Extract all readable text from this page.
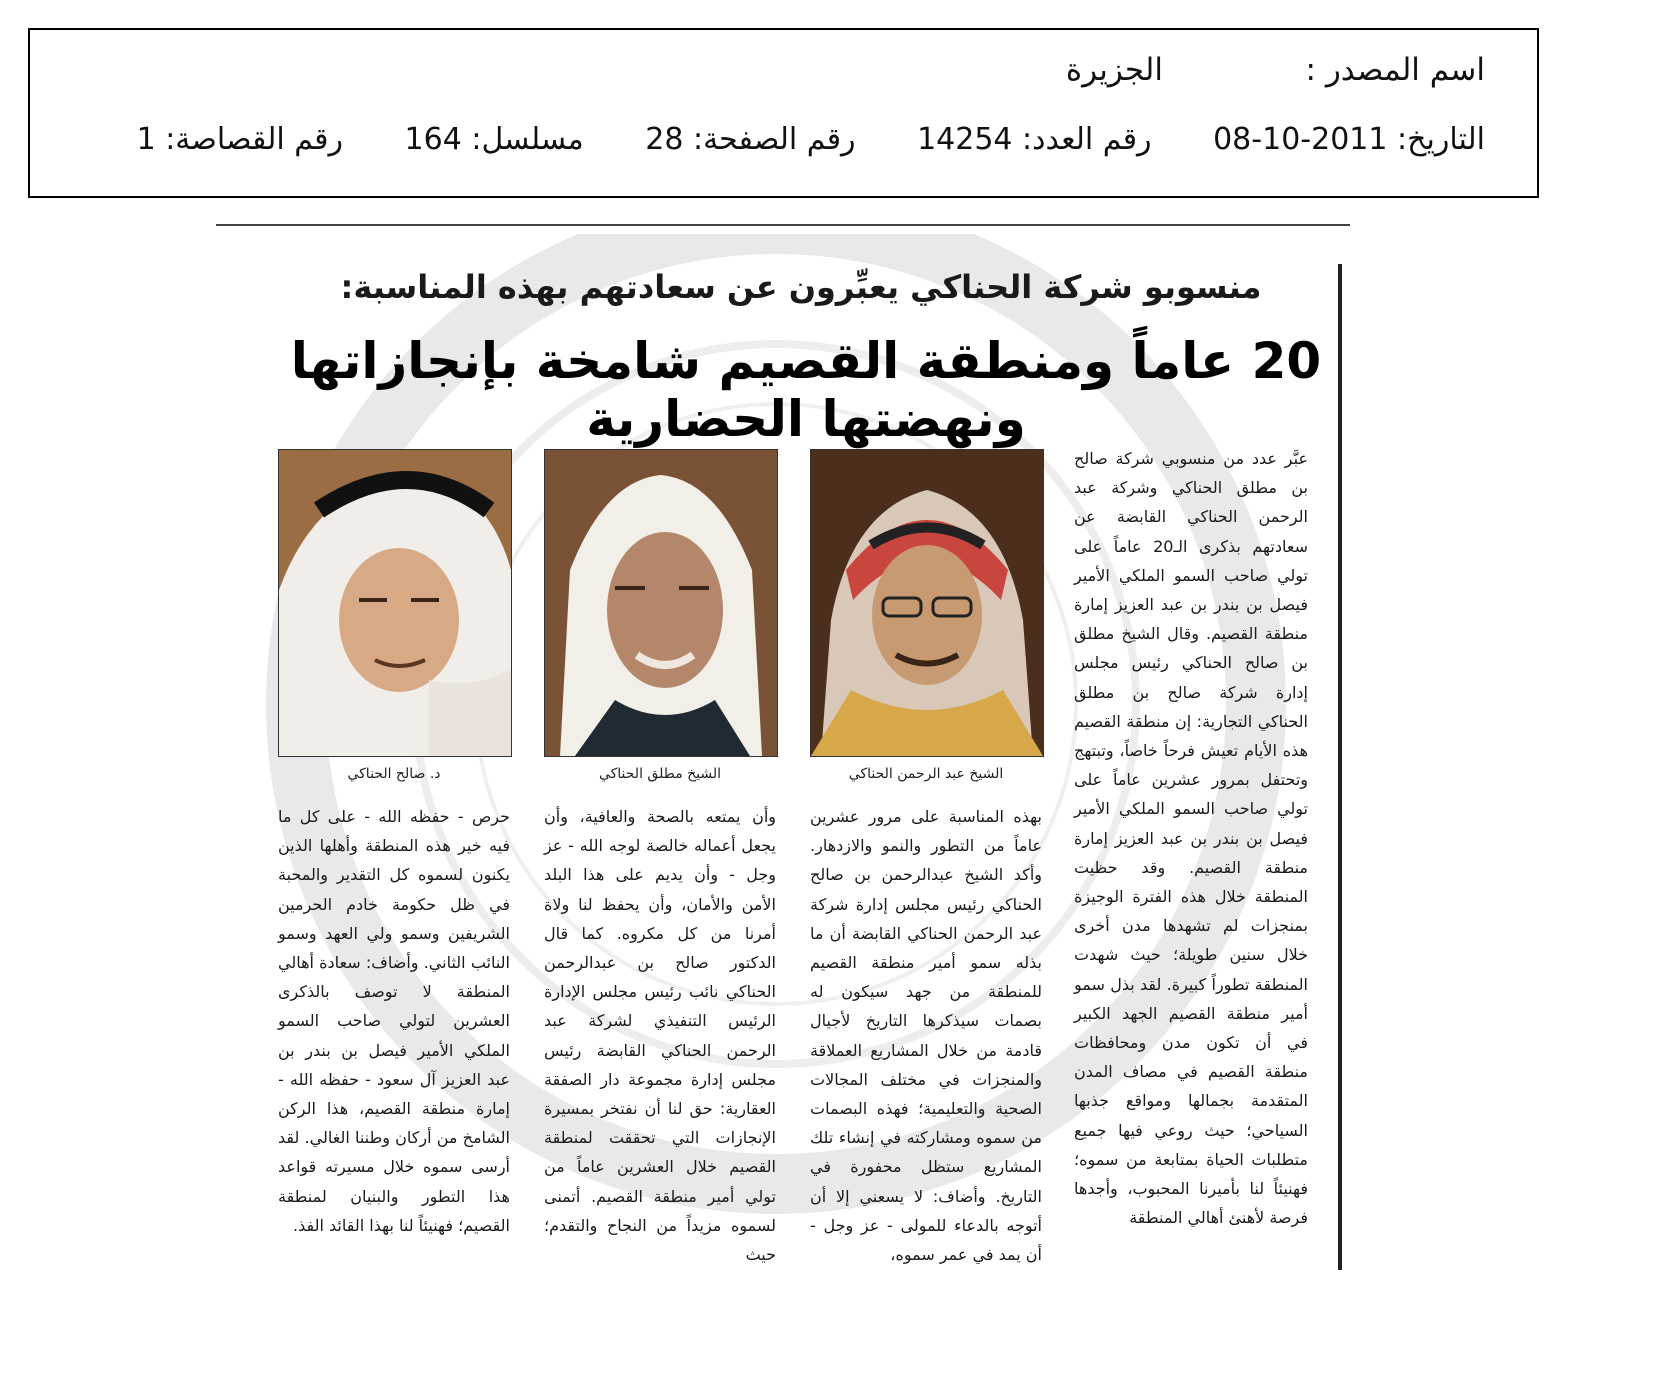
اسم المصدر :
الجزيرة
التاريخ: 2011-10-08 رقم العدد: 14254 رقم الصفحة: 28 مسلسل: 164 رقم القصاصة: 1
منسوبو شركة الحناكي يعبِّرون عن سعادتهم بهذه المناسبة:
20 عاماً ومنطقة القصيم شامخة بإنجازاتها ونهضتها الحضارية
الشيخ عبد الرحمن الحناكي
الشيخ مطلق الحناكي
د. صالح الحناكي

عبَّر عدد من منسوبي شركة صالح بن مطلق الحناكي وشركة عبد الرحمن الحناكي القابضة عن سعادتهم بذكرى الـ20 عاماً على تولي صاحب السمو الملكي الأمير فيصل بن بندر بن عبد العزيز إمارة منطقة القصيم. وقال الشيخ مطلق بن صالح الحناكي رئيس مجلس إدارة شركة صالح بن مطلق الحناكي التجارية: إن منطقة القصيم هذه الأيام تعيش فرحاً خاصاً، وتبتهج وتحتفل بمرور عشرين عاماً على تولي صاحب السمو الملكي الأمير فيصل بن بندر بن عبد العزيز إمارة منطقة القصيم. وقد حظيت المنطقة خلال هذه الفترة الوجيزة بمنجزات لم تشهدها مدن أخرى خلال سنين طويلة؛ حيث شهدت المنطقة تطوراً كبيرة. لقد بذل سمو أمير منطقة القصيم الجهد الكبير في أن تكون مدن ومحافظات منطقة القصيم في مصاف المدن المتقدمة بجمالها ومواقع جذبها السياحي؛ حيث روعي فيها جميع متطلبات الحياة بمتابعة من سموه؛ فهنيئاً لنا بأميرنا المحبوب، وأجدها فرصة لأهنئ أهالي المنطقة

بهذه المناسبة على مرور عشرين عاماً من التطور والنمو والازدهار. وأكد الشيخ عبدالرحمن بن صالح الحناكي رئيس مجلس إدارة شركة عبد الرحمن الحناكي القابضة أن ما بذله سمو أمير منطقة القصيم للمنطقة من جهد سيكون له بصمات سيذكرها التاريخ لأجيال قادمة من خلال المشاريع العملاقة والمنجزات في مختلف المجالات الصحية والتعليمية؛ فهذه البصمات من سموه ومشاركته في إنشاء تلك المشاريع ستظل محفورة في التاريخ. وأضاف: لا يسعني إلا أن أتوجه بالدعاء للمولى - عز وجل - أن يمد في عمر سموه،

وأن يمتعه بالصحة والعافية، وأن يجعل أعماله خالصة لوجه الله - عز وجل - وأن يديم على هذا البلد الأمن والأمان، وأن يحفظ لنا ولاة أمرنا من كل مكروه. كما قال الدكتور صالح بن عبدالرحمن الحناكي نائب رئيس مجلس الإدارة الرئيس التنفيذي لشركة عبد الرحمن الحناكي القابضة رئيس مجلس إدارة مجموعة دار الصفقة العقارية: حق لنا أن نفتخر بمسيرة الإنجازات التي تحققت لمنطقة القصيم خلال العشرين عاماً من تولي أمير منطقة القصيم. أتمنى لسموه مزيداً من النجاح والتقدم؛ حيث

حرص - حفظه الله - على كل ما فيه خير هذه المنطقة وأهلها الذين يكنون لسموه كل التقدير والمحبة في ظل حكومة خادم الحرمين الشريفين وسمو ولي العهد وسمو النائب الثاني. وأضاف: سعادة أهالي المنطقة لا توصف بالذكرى العشرين لتولي صاحب السمو الملكي الأمير فيصل بن بندر بن عبد العزيز آل سعود - حفظه الله - إمارة منطقة القصيم، هذا الركن الشامخ من أركان وطننا الغالي. لقد أرسى سموه خلال مسيرته قواعد هذا التطور والبنيان لمنطقة القصيم؛ فهنيئاً لنا بهذا القائد الفذ.
